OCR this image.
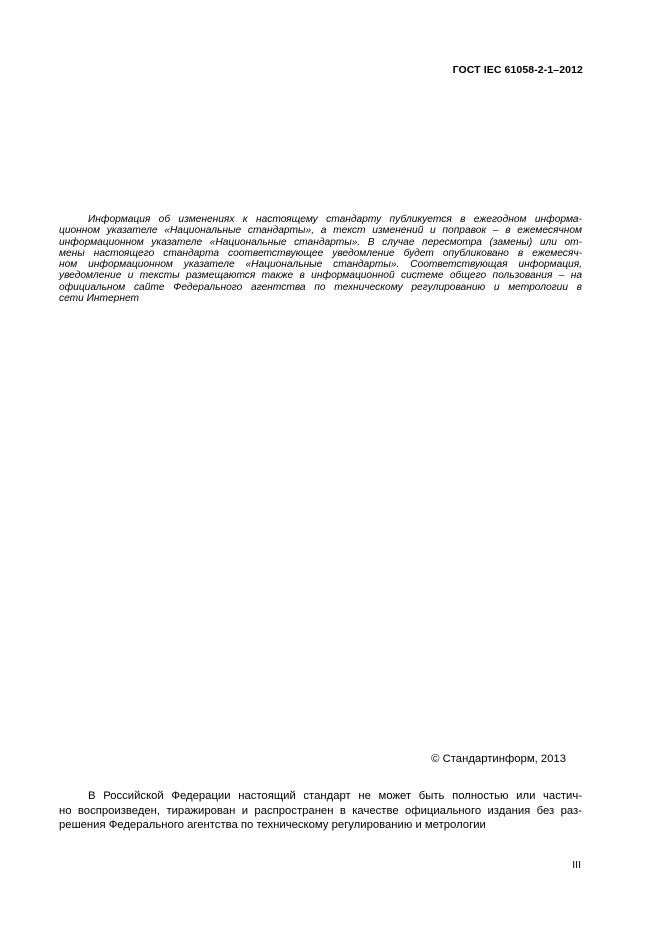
ГОСТ IEC 61058-2-1–2012
Информация об изменениях к настоящему стандарту публикуется в ежегодном информа-
ционном указателе «Национальные стандарты», а текст изменений и поправок – в ежемесячном
информационном указателе «Национальные стандарты». В случае пересмотра (замены) или от-
мены настоящего стандарта соответствующее уведомление будет опубликовано в ежемесяч-
ном информационном указателе «Национальные стандарты». Соответствующая информация,
уведомление и тексты размещаются также в информационной системе общего пользования – на
официальном сайте Федерального агентства по техническому регулированию и метрологии в
сети Интернет
© Стандартинформ, 2013
В Российской Федерации настоящий стандарт не может быть полностью или частич-
но воспроизведен, тиражирован и распространен в качестве официального издания без раз-
решения Федерального агентства по техническому регулированию и метрологии
III
